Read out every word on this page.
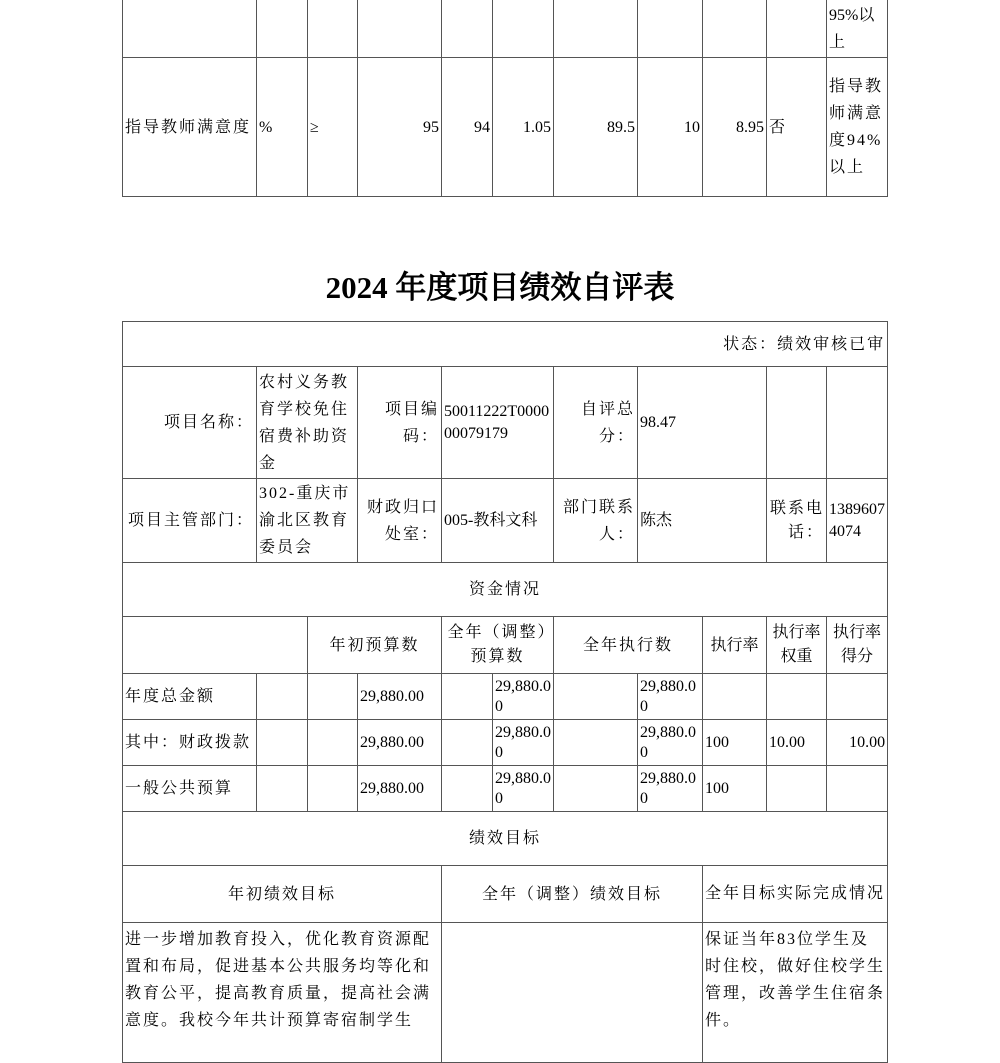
										95%以上
指导教师满意度	%	≥	95	94	1.05	89.5	10	8.95	否	指导教师满意度94%以上
2024 年度项目绩效自评表
状态：绩效审核已审										
项目名称：	农村义务教育学校免住宿费补助资金		项目编码：	50011222T000000079179		自评总分：	98.47			
项目主管部门：	302-重庆市渝北区教育委员会		财政归口处室：	005-教科文科		部门联系人：	陈杰		联系电话：	13896074074
资金情况										
		年初预算数		全年（调整）预算数		全年执行数		执行率	执行率权重	执行率得分
年度总金额			29,880.00		29,880.00		29,880.00			
其中：财政拨款			29,880.00		29,880.00		29,880.00	100	10.00	10.00
一般公共预算			29,880.00		29,880.00		29,880.00	100		
绩效目标										
年初绩效目标				全年（调整）绩效目标				全年目标实际完成情况		
进一步增加教育投入，优化教育资源配置和布局，促进基本公共服务均等化和教育公平，提高教育质量，提高社会满意度。我校今年共计预算寄宿制学生								保证当年83位学生及时住校，做好住校学生管理，改善学生住宿条件。		
